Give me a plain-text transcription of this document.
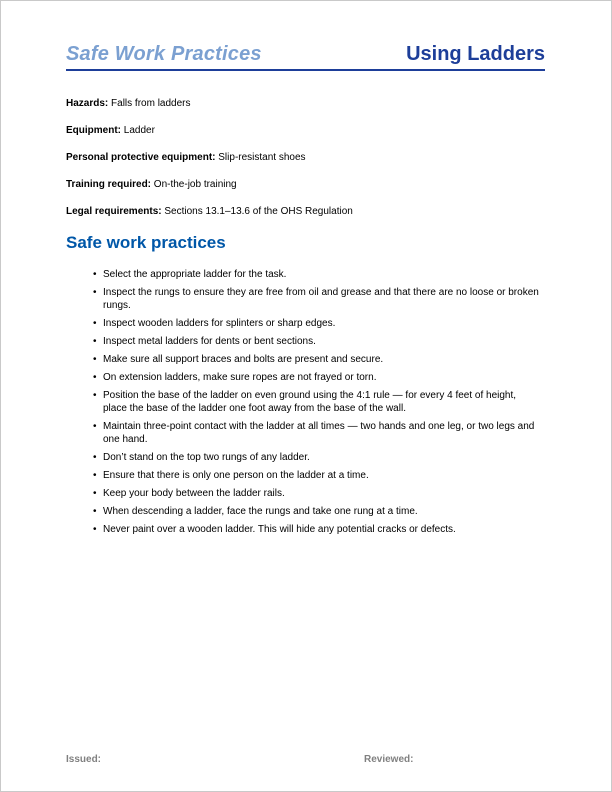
Safe Work Practices	Using Ladders

Hazards: Falls from ladders

Equipment: Ladder

Personal protective equipment: Slip-resistant shoes

Training required: On-the-job training

Legal requirements: Sections 13.1–13.6 of the OHS Regulation

Safe work practices
• Select the appropriate ladder for the task.
• Inspect the rungs to ensure they are free from oil and grease and that there are no loose or broken rungs.
• Inspect wooden ladders for splinters or sharp edges.
• Inspect metal ladders for dents or bent sections.
• Make sure all support braces and bolts are present and secure.
• On extension ladders, make sure ropes are not frayed or torn.
• Position the base of the ladder on even ground using the 4:1 rule — for every 4 feet of height, place the base of the ladder one foot away from the base of the wall.
• Maintain three-point contact with the ladder at all times — two hands and one leg, or two legs and one hand.
• Don’t stand on the top two rungs of any ladder.
• Ensure that there is only one person on the ladder at a time.
• Keep your body between the ladder rails.
• When descending a ladder, face the rungs and take one rung at a time.
• Never paint over a wooden ladder. This will hide any potential cracks or defects.
Issued:	Reviewed:
